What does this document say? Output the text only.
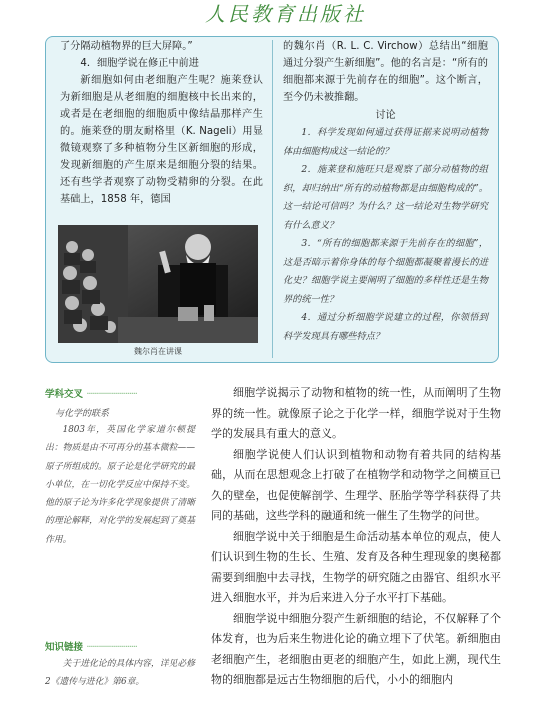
人民教育出版社

了分隔动植物界的巨大屏障。”

4．细胞学说在修正中前进

新细胞如何由老细胞产生呢？施莱登认为新细胞是从老细胞的细胞核中长出来的，或者是在老细胞的细胞质中像结晶那样产生的。施莱登的朋友耐格里（K. Nageli）用显微镜观察了多种植物分生区新细胞的形成，发现新细胞的产生原来是细胞分裂的结果。还有些学者观察了动物受精卵的分裂。在此基础上，1858 年，德国

的魏尔肖（R. L. C. Virchow）总结出“细胞通过分裂产生新细胞”。他的名言是：“所有的细胞都来源于先前存在的细胞”。这个断言，至今仍未被推翻。

讨论

1．科学发现如何通过获得证据来说明动植物体由细胞构成这一结论的？

2．施莱登和施旺只是观察了部分动植物的组织，却归纳出“所有的动植物都是由细胞构成的”。这一结论可信吗？为什么？这一结论对生物学研究有什么意义？

3．“所有的细胞都来源于先前存在的细胞”，这是否暗示着你身体的每个细胞都凝聚着漫长的进化史？细胞学说主要阐明了细胞的多样性还是生物界的统一性？

4．通过分析细胞学说建立的过程，你领悟到科学发现具有哪些特点？

魏尔肖在讲课
学科交叉 ·························
与化学的联系
1803年，英国化学家道尔顿提出：物质是由不可再分的基本微粒——原子所组成的。原子论是化学研究的最小单位，在一切化学反应中保持不变。他的原子论为许多化学现象提供了清晰的理论解释，对化学的发展起到了奠基作用。
知识链接 ·························
关于进化论的具体内容，详见必修2《遗传与进化》第6章。

细胞学说揭示了动物和植物的统一性，从而阐明了生物界的统一性。就像原子论之于化学一样，细胞学说对于生物学的发展具有重大的意义。

细胞学说使人们认识到植物和动物有着共同的结构基础，从而在思想观念上打破了在植物学和动物学之间横亘已久的壁垒，也促使解剖学、生理学、胚胎学等学科获得了共同的基础，这些学科的融通和统一催生了生物学的问世。

细胞学说中关于细胞是生命活动基本单位的观点，使人们认识到生物的生长、生殖、发育及各种生理现象的奥秘都需要到细胞中去寻找，生物学的研究随之由器官、组织水平进入细胞水平，并为后来进入分子水平打下基础。

细胞学说中细胞分裂产生新细胞的结论，不仅解释了个体发育，也为后来生物进化论的确立埋下了伏笔。新细胞由老细胞产生，老细胞由更老的细胞产生，如此上溯，现代生物的细胞都是远古生物细胞的后代，小小的细胞内
